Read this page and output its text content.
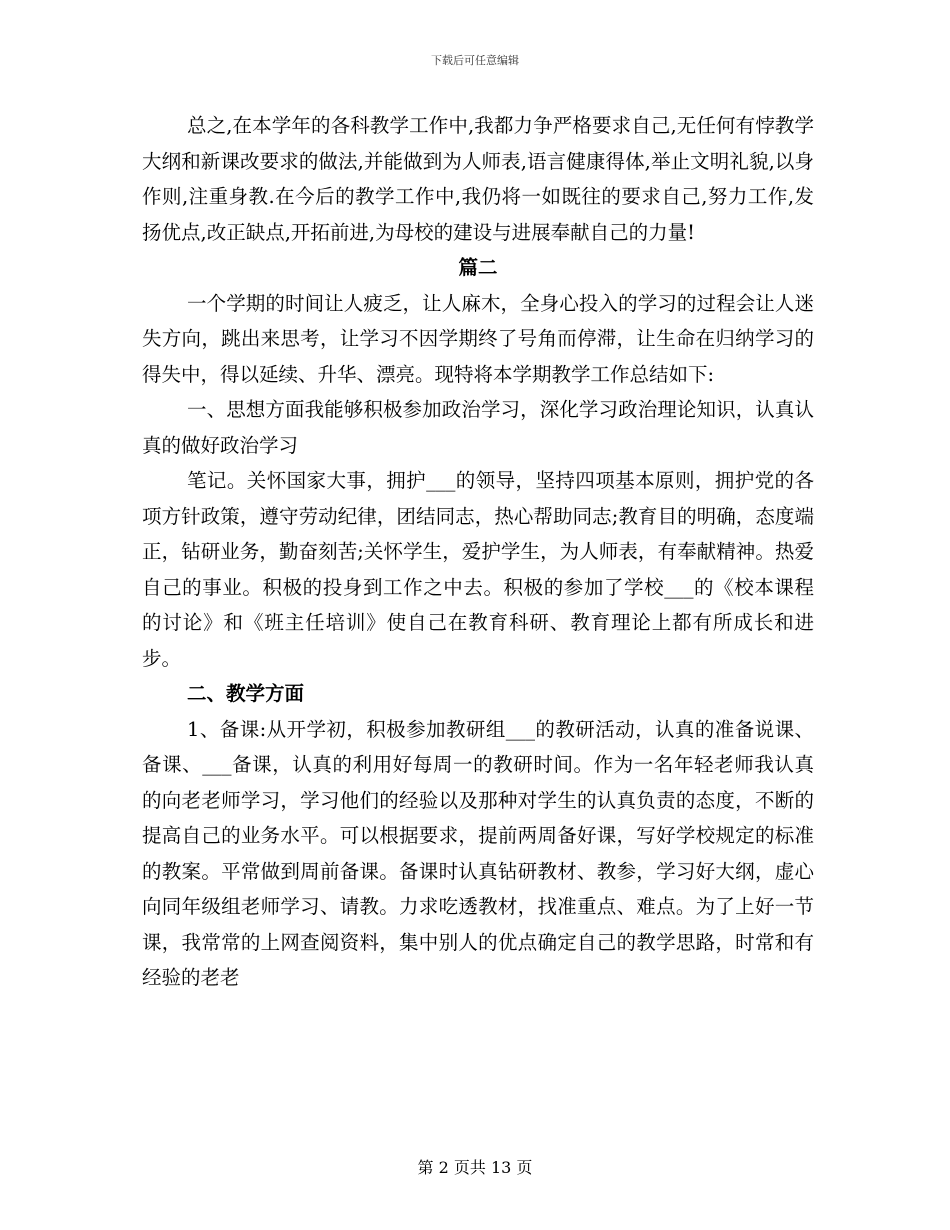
下载后可任意编辑

总之,在本学年的各科教学工作中,我都力争严格要求自己,无任何有悖教学大纲和新课改要求的做法,并能做到为人师表,语言健康得体,举止文明礼貌,以身作则,注重身教.在今后的教学工作中,我仍将一如既往的要求自己,努力工作,发扬优点,改正缺点,开拓前进,为母校的建设与进展奉献自己的力量!

篇二

一个学期的时间让人疲乏，让人麻木，全身心投入的学习的过程会让人迷失方向，跳出来思考，让学习不因学期终了号角而停滞，让生命在归纳学习的得失中，得以延续、升华、漂亮。现特将本学期教学工作总结如下:

一、思想方面我能够积极参加政治学习，深化学习政治理论知识，认真认真的做好政治学习

笔记。关怀国家大事，拥护___的领导，坚持四项基本原则，拥护党的各项方针政策，遵守劳动纪律，团结同志，热心帮助同志;教育目的明确，态度端正，钻研业务，勤奋刻苦;关怀学生，爱护学生，为人师表，有奉献精神。热爱自己的事业。积极的投身到工作之中去。积极的参加了学校___的《校本课程的讨论》和《班主任培训》使自己在教育科研、教育理论上都有所成长和进步。

二、教学方面

1、备课:从开学初，积极参加教研组___的教研活动，认真的准备说课、备课、___备课，认真的利用好每周一的教研时间。作为一名年轻老师我认真的向老老师学习，学习他们的经验以及那种对学生的认真负责的态度，不断的提高自己的业务水平。可以根据要求，提前两周备好课，写好学校规定的标准的教案。平常做到周前备课。备课时认真钻研教材、教参，学习好大纲，虚心向同年级组老师学习、请教。力求吃透教材，找准重点、难点。为了上好一节课，我常常的上网查阅资料，集中别人的优点确定自己的教学思路，时常和有经验的老老

第 2 页共 13 页
